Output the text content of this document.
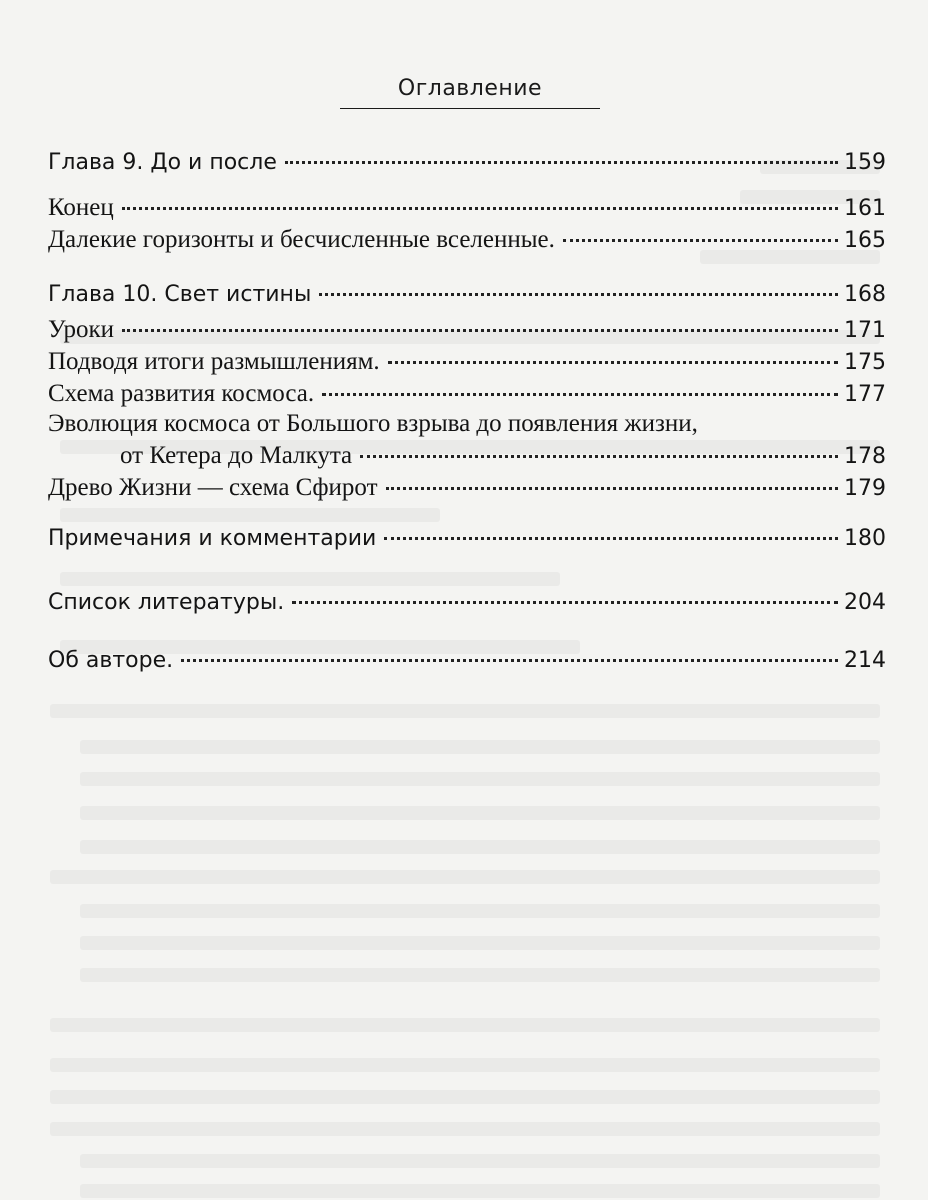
Оглавление
Глава 9. До и после	159
Конец	161
Далекие горизонты и бесчисленные вселенные.	165
Глава 10. Свет истины	168
Уроки	171
Подводя итоги размышлениям.	175
Схема развития космоса.	177
Эволюция космоса от Большого взрыва до появления жизни,
от Кетера до Малкута	178
Древо Жизни — схема Сфирот	179
Примечания и комментарии	180
Список литературы.	204
Об авторе.	214
